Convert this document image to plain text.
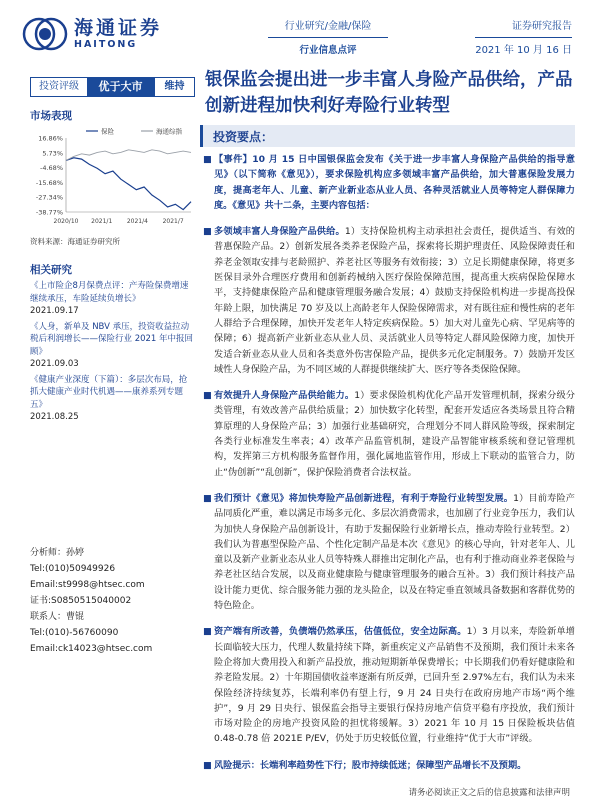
海通证券
HAITONG
行业研究/金融/保险
行业信息点评
证券研究报告
2021 年 10 月 16 日
投资评级	优于大市	维持
市场表现
16.86%
5.73%
-4.68%
-15.68%
-27.34%
-38.77%
2020/10 2021/1 2021/4 2021/7
保险	海通综指
资料来源：海通证券研究所
相关研究
《上市险企8月保费点评：产寿险保费增速继续承压，车险延续负增长》
2021.09.17
《人身，新单及 NBV 承压，投资收益拉动税后利润增长——保险行业 2021 年中报回顾》
2021.09.03
《健康产业深度（下篇）：多层次布局，抢抓大健康产业时代机遇——康养系列专题五》
2021.08.25
分析师：孙婷
Tel:(010)50949926
Email:st9998@htsec.com
证书:S0850515040002
联系人：曹锟
Tel:(010)-56760090
Email:ck14023@htsec.com
银保监会提出进一步丰富人身险产品供给，产品创新进程加快利好寿险行业转型
投资要点：
■ 【事件】10 月 15 日中国银保监会发布《关于进一步丰富人身保险产品供给的指导意见》（以下简称《意见》），要求保险机构应多领域丰富产品供给，加大普惠保险发展力度，提高老年人、儿童、新产业新业态从业人员、各种灵活就业人员等特定人群保障力度。《意见》共十二条，主要内容包括：
■ 多领域丰富人身保险产品供给。1）支持保险机构主动承担社会责任，提供适当、有效的普惠保险产品。2）创新发展各类养老保险产品，探索将长期护理责任、风险保障责任和养老金领取安排与老龄照护、养老社区等服务有效衔接；3）立足长期健康保障，将更多医保目录外合理医疗费用和创新药械纳入医疗保险保障范围，提高重大疾病保险保障水平，支持健康保险产品和健康管理服务融合发展；4）鼓励支持保险机构进一步提高投保年龄上限，加快满足 70 岁及以上高龄老年人保险保障需求，对有既往症和慢性病的老年人群给予合理保障，加快开发老年人特定疾病保险。5）加大对儿童先心病、罕见病等的保障；6）提高新产业新业态从业人员、灵活就业人员等特定人群风险保障力度，加快开发适合新业态从业人员和各类意外伤害保险产品，提供多元化定制服务。7）鼓励开发区域性人身保险产品，为不同区域的人群提供继续扩大、医疗等各类保险保障。
■ 有效提升人身保险产品供给能力。1）要求保险机构优化产品开发管理机制，探索分级分类管理，有效改善产品供给质量；2）加快数字化转型，配套开发适应各类场景且符合精算原理的人身保险产品；3）加强行业基础研究，合理划分不同人群风险等级，探索制定各类行业标准发生率表；4）改革产品监管机制，建设产品智能审核系统和登记管理机构，发挥第三方机构服务监督作用，强化属地监管作用，形成上下联动的监管合力，防止“伪创新”“乱创新”，保护保险消费者合法权益。
■ 我们预计《意见》将加快寿险产品创新进程，有利于寿险行业转型发展。1）目前寿险产品同质化严重，难以满足市场多元化、多层次消费需求，也加剧了行业竞争压力，我们认为加快人身保险产品创新设计，有助于发掘保险行业新增长点，推动寿险行业转型。2）我们认为普惠型保险产品、个性化定制产品是本次《意见》的核心导向，针对老年人、儿童以及新产业新业态从业人员等特殊人群推出定制化产品，也有利于推动商业养老保险与养老社区结合发展，以及商业健康险与健康管理服务的融合互补。3）我们预计科技产品设计能力更优、综合服务能力强的龙头险企，以及在特定垂直领域具备数据和客群优势的特色险企。
■ 资产端有所改善，负债端仍然承压，估值低位，安全边际高。1）3 月以来，寿险新单增长面临较大压力，代理人数量持续下降，新重疾定义产品销售不及预期，我们预计未来各险企将加大费用投入和新产品投放，推动短期新单保费增长；中长期我们仍看好健康险和养老险发展。2）十年期国债收益率逐渐有所反弹，已回升至 2.97%左右，我们认为未来保险经济持续复苏，长端利率仍有望上行，9 月 24 日央行在政府房地产市场“两个维护”，9 月 29 日央行、银保监会指导主要银行保持房地产信贷平稳有序投放，我们预计市场对险企的房地产投资风险的担忧将缓解。3）2021 年 10 月 15 日保险板块估值 0.48-0.78 倍 2021E P/EV，仍处于历史较低位置，行业维持“优于大市”评级。
■ 风险提示：长端利率趋势性下行；股市持续低迷；保障型产品增长不及预期。
请务必阅读正文之后的信息披露和法律声明
